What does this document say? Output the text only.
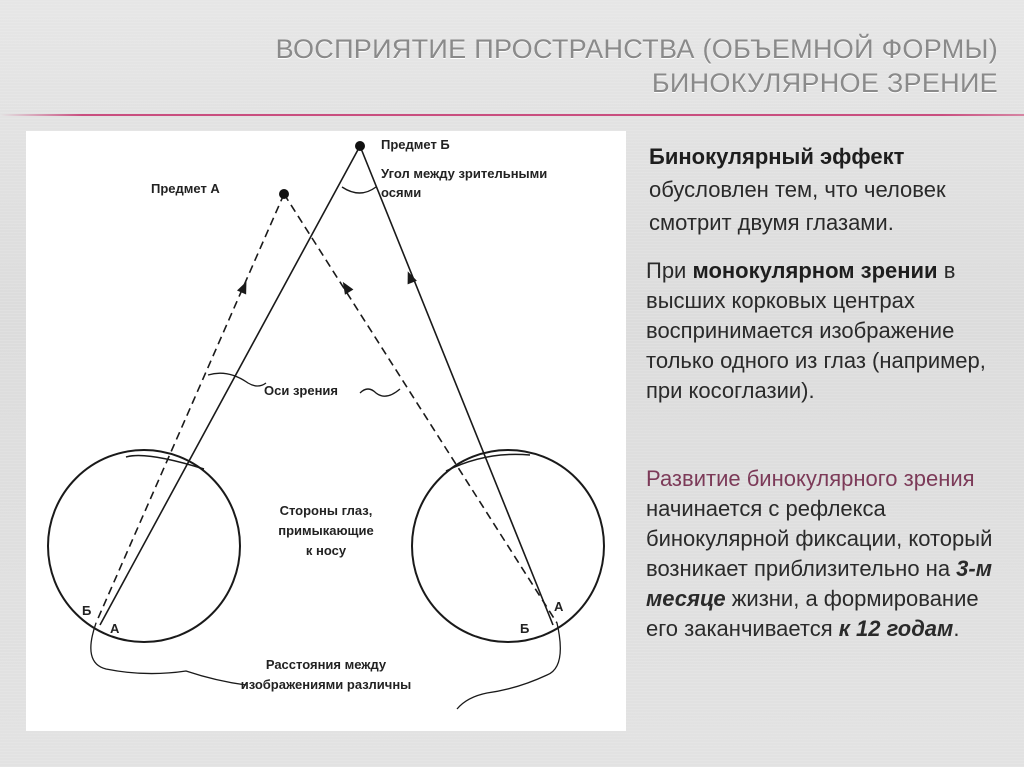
ВОСПРИЯТИЕ ПРОСТРАНСТВА (ОБЪЕМНОЙ ФОРМЫ)
БИНОКУЛЯРНОЕ ЗРЕНИЕ
Предмет Б
Предмет А
Угол между зрительными
осями
Оси зрения
Стороны глаз,
примыкающие
к носу
Расстояния между
изображениями различны
Б
А	Б
А
Бинокулярный эффект
обусловлен тем, что человек смотрит двумя глазами.
При монокулярном зрении в высших корковых центрах воспринимается изображение только одного из глаз (например, при косоглазии).
Развитие бинокулярного зрения начинается с рефлекса бинокулярной фиксации, который возникает приблизительно на 3-м месяце жизни, а формирование его заканчивается к 12 годам.
